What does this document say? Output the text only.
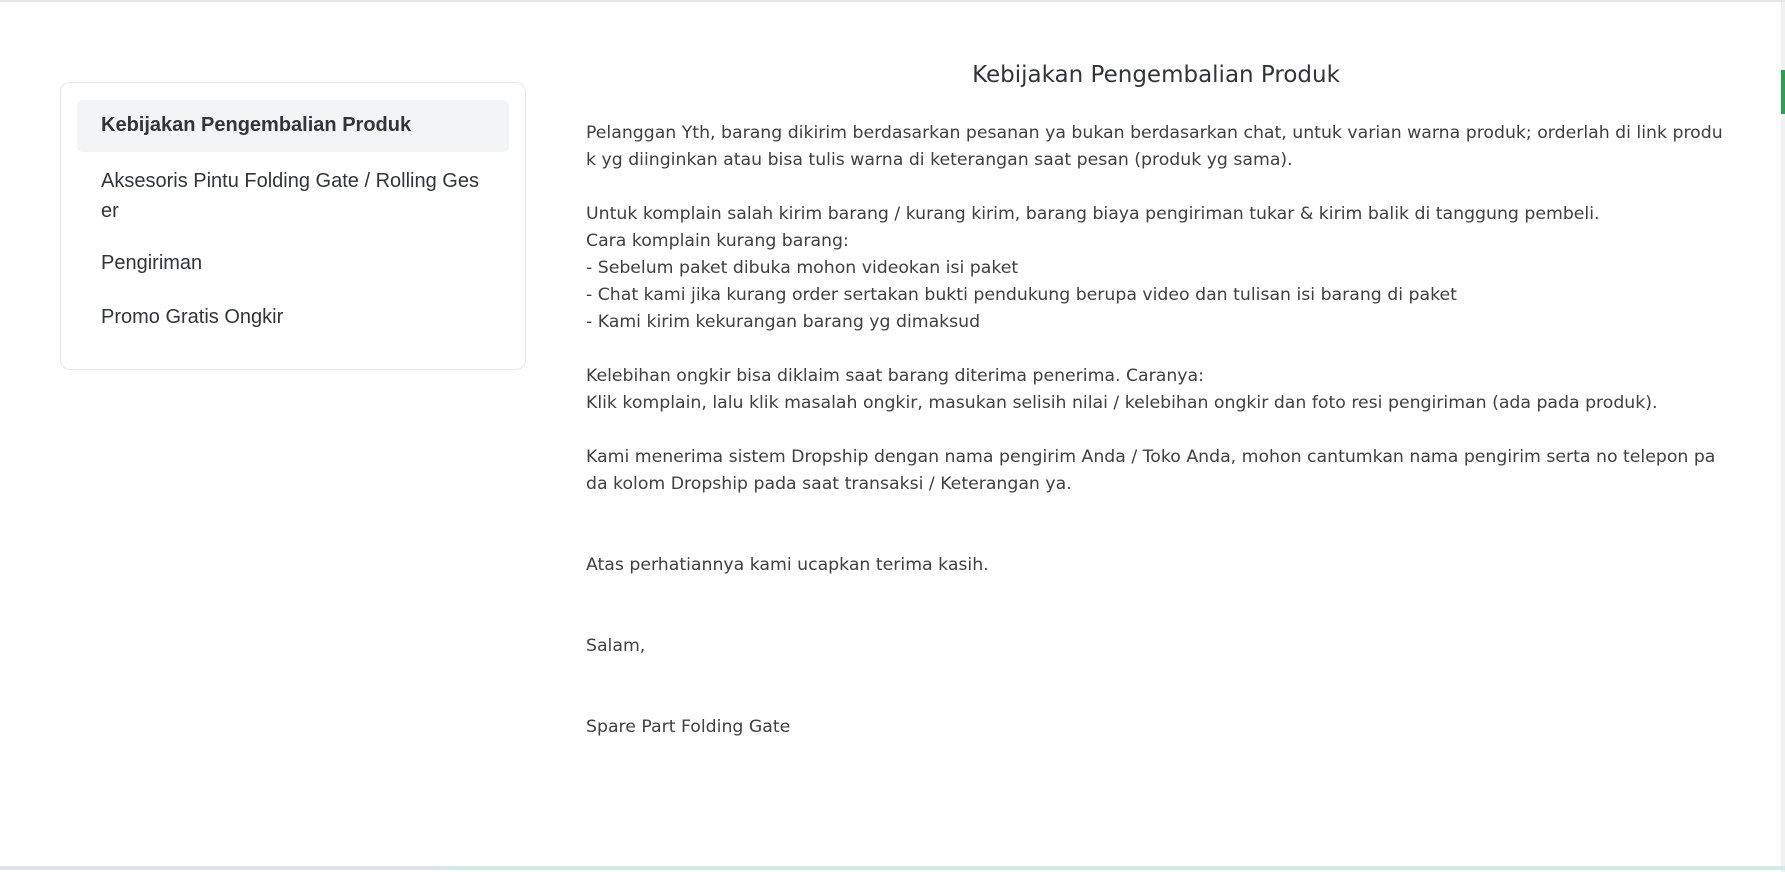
Kebijakan Pengembalian Produk
Aksesoris Pintu Folding Gate / Rolling Geser
Pengiriman
Promo Gratis Ongkir
Kebijakan Pengembalian Produk

Pelanggan Yth, barang dikirim berdasarkan pesanan ya bukan berdasarkan chat, untuk varian warna produk; orderlah di link produk yg diinginkan atau bisa tulis warna di keterangan saat pesan (produk yg sama).

Untuk komplain salah kirim barang / kurang kirim, barang biaya pengiriman tukar & kirim balik di tanggung pembeli.

Cara komplain kurang barang:

- Sebelum paket dibuka mohon videokan isi paket

- Chat kami jika kurang order sertakan bukti pendukung berupa video dan tulisan isi barang di paket

- Kami kirim kekurangan barang yg dimaksud

Kelebihan ongkir bisa diklaim saat barang diterima penerima. Caranya:

Klik komplain, lalu klik masalah ongkir, masukan selisih nilai / kelebihan ongkir dan foto resi pengiriman (ada pada produk).

Kami menerima sistem Dropship dengan nama pengirim Anda / Toko Anda, mohon cantumkan nama pengirim serta no telepon pada kolom Dropship pada saat transaksi / Keterangan ya.

Atas perhatiannya kami ucapkan terima kasih.

Salam,

Spare Part Folding Gate
